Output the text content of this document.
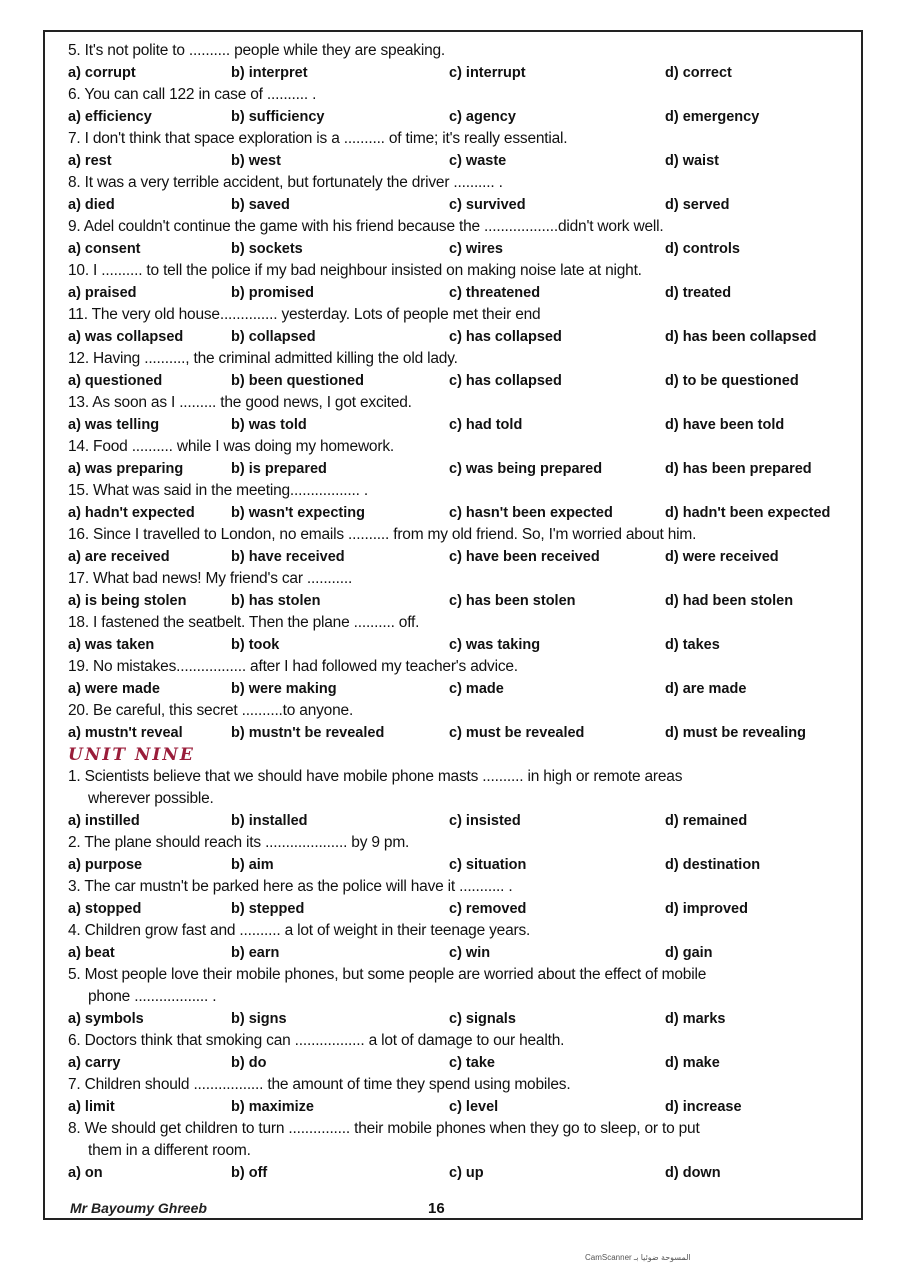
5. It's not polite to .......... people while they are speaking.
a) corrupt	b) interpret	c) interrupt	d) correct
6. You can call 122 in case of .......... .
a) efficiency	b) sufficiency	c) agency	d) emergency
7. I don't think that space exploration is a .......... of time; it's really essential.
a) rest	b) west	c) waste	d) waist
8. It was a very terrible accident, but fortunately the driver .......... .
a) died	b) saved	c) survived	d) served
9. Adel couldn't continue the game with his friend because the ..................didn't work well.
a) consent	b) sockets	c) wires	d) controls
10. I .......... to tell the police if my bad neighbour insisted on making noise late at night.
a) praised	b) promised	c) threatened	d) treated
11. The very old house.............. yesterday. Lots of people met their end
a) was collapsed	b) collapsed	c) has collapsed	d) has been collapsed
12. Having .........., the criminal admitted killing the old lady.
a) questioned	b) been questioned	c) has collapsed	d) to be questioned
13. As soon as I ......... the good news, I got excited.
a) was telling	b) was told	c) had told	d) have been told
14. Food .......... while I was doing my homework.
a) was preparing	b) is prepared	c) was being prepared	d) has been prepared
15. What was said in the meeting................. .
a) hadn't expected	b) wasn't expecting	c) hasn't been expected	d) hadn't been expected
16. Since I travelled to London, no emails .......... from my old friend. So, I'm worried about him.
a) are received	b) have received	c) have been received	d) were received
17. What bad news! My friend's car ...........
a) is being stolen	b) has stolen	c) has been stolen	d) had been stolen
18. I fastened the seatbelt. Then the plane .......... off.
a) was taken	b) took	c) was taking	d) takes
19. No mistakes................. after I had followed my teacher's advice.
a) were made	b) were making	c) made	d) are made
20. Be careful, this secret ..........to anyone.
a) mustn't reveal	b) mustn't be revealed	c) must be revealed	d) must be revealing
UNIT NINE
1. Scientists believe that we should have mobile phone masts .......... in high or remote areas
wherever possible.
a) instilled	b) installed	c) insisted	d) remained
2. The plane should reach its .................... by 9 pm.
a) purpose	b) aim	c) situation	d) destination
3. The car mustn't be parked here as the police will have it ........... .
a) stopped	b) stepped	c) removed	d) improved
4. Children grow fast and .......... a lot of weight in their teenage years.
a) beat	b) earn	c) win	d) gain
5. Most people love their mobile phones, but some people are worried about the effect of mobile
phone .................. .
a) symbols	b) signs	c) signals	d) marks
6. Doctors think that smoking can ................. a lot of damage to our health.
a) carry	b) do	c) take	d) make
7. Children should ................. the amount of time they spend using mobiles.
a) limit	b) maximize	c) level	d) increase
8. We should get children to turn ............... their mobile phones when they go to sleep, or to put
them in a different room.
a) on	b) off	c) up	d) down
Mr Bayoumy Ghreeb	16
CamScanner المسوحة ضوئيا بـ
